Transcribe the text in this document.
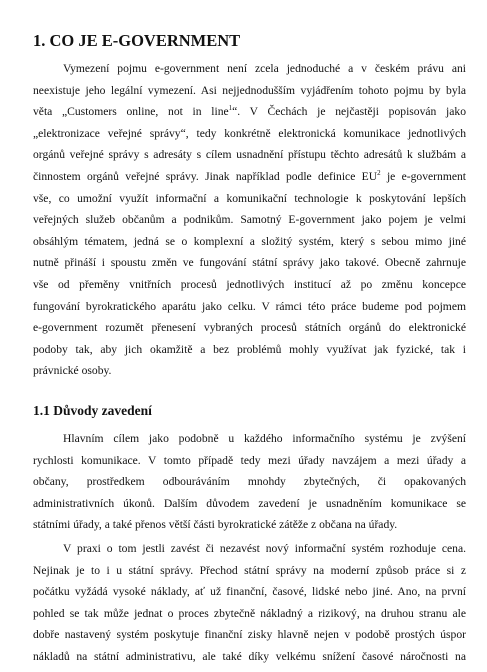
1. CO JE E-GOVERNMENT
Vymezení pojmu e-government není zcela jednoduché a v českém právu ani
neexistuje jeho legální vymezení. Asi nejjednodušším vyjádřením tohoto pojmu by byla
věta „Customers online, not in line$^1$“. V Čechách je nejčastěji popisován jako
„elektronizace veřejné správy“, tedy konkrétně elektronická komunikace jednotlivých
orgánů veřejné správy s adresáty s cílem usnadnění přístupu těchto adresátů k službám a
činnostem orgánů veřejné správy. Jinak například podle definice $EU^2$ je e-government
vše, co umožní využít informační a komunikační technologie k poskytování lepších
veřejných služeb občanům a podnikům. Samotný E-government jako pojem je velmi
obsáhlým tématem, jedná se o komplexní a složitý systém, který s sebou mimo jiné
nutně přináší i spoustu změn ve fungování státní správy jako takové. Obecně zahrnuje
vše od přeměny vnitřních procesů jednotlivých institucí až po změnu koncepce
fungování byrokratického aparátu jako celku. V rámci této práce budeme pod pojmem
e-government rozumět přenesení vybraných procesů státních orgánů do elektronické
podoby tak, aby jich okamžitě a bez problémů mohly využívat jak fyzické, tak i
právnické osoby.
1.1 Důvody zavedení
Hlavním cílem jako podobně u každého informačního systému je zvýšení
rychlosti komunikace. V tomto případě tedy mezi úřady navzájem a mezi úřady a
občany, prostředkem odbouráváním mnohdy zbytečných, či opakovaných
administrativních úkonů. Dalším důvodem zavedení je usnadněním komunikace se
státními úřady, a také přenos větší části byrokratické zátěže z občana na úřady.
V praxi o tom jestli zavést či nezavést nový informační systém rozhoduje cena.
Nejinak je to i u státní správy. Přechod státní správy na moderní způsob práce si z
počátku vyžádá vysoké náklady, ať už finanční, časové, lidské nebo jiné. Ano, na první
pohled se tak může jednat o proces zbytečně nákladný a rizikový, na druhou stranu ale
dobře nastavený systém poskytuje finanční zisky hlavně nejen v podobě prostých úspor
nákladů na státní administrativu, ale také díky velkému snížení časové náročnosti na
